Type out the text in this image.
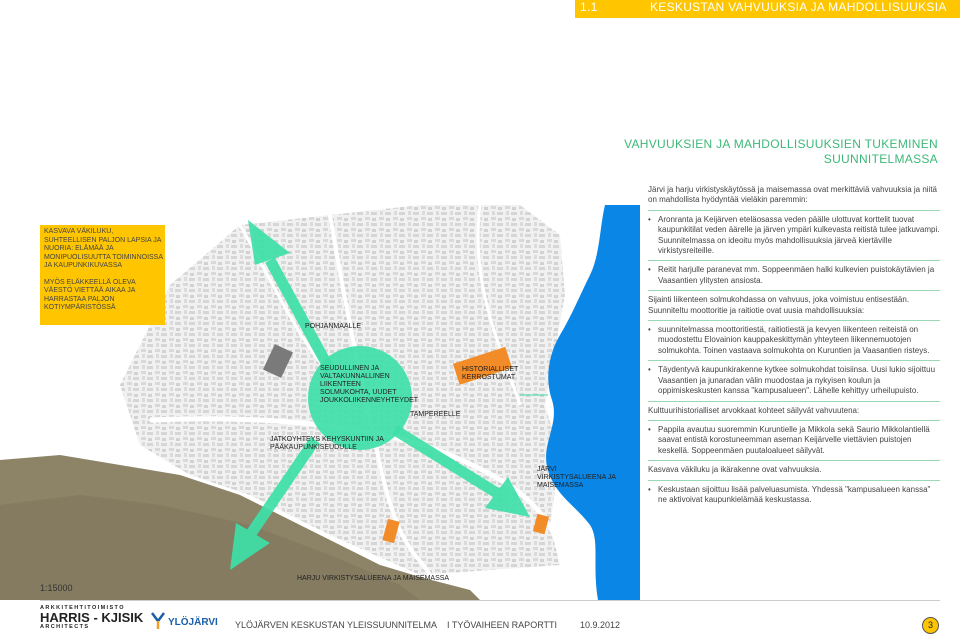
1.1	KESKUSTAN VAHVUUKSIA JA MAHDOLLISUUKSIA
VAHVUUKSIEN JA MAHDOLLISUUKSIEN TUKEMINEN
SUUNNITELMASSA
POHJANMAALLE
SEUDULLINEN JA VALTAKUNNALLINEN LIIKENTEEN SOLMUKOHTA, UUDET JOUKKOLIIKENNEYHTEYDET
HISTORIALLISET KERROSTUMAT
TAMPEREELLE
JATKOYHTEYS KEHYSKUNTIIN JA PÄÄKAUPUNKISEUDULLE
JÄRVI VIRKISTYSALUEENA JA MAISEMASSA
HARJU VIRKISTYSALUEENA JA MAISEMASSA

KASVAVA VÄKILUKU, SUHTEELLISEN PALJON LAPSIA JA NUORIA: ELÄMÄÄ JA MONIPUOLISUUTTA TOIMINNOISSA JA KAUPUNKIKUVASSA

MYÖS ELÄKKEELLÄ OLEVA VÄESTÖ VIETTÄÄ AIKAA JA HARRASTAA PALJON KOTIYMPÄRISTÖSSÄ

Järvi ja harju virkistyskäytössä ja maisemassa ovat merkittäviä vahvuuksia ja niitä on mahdollista hyödyntää vieläkin paremmin:

• Aronranta ja Keijärven eteläosassa veden päälle ulottuvat korttelit tuovat kaupunkitilat veden äärelle ja järven ympäri kulkevasta reitistä tulee jatkuvampi. Suunnitelmassa on ideoitu myös mahdollisuuksia järveä kiertäville virkistysreiteille.
• Reitit harjulle paranevat mm. Soppeenmäen halki kulkevien puistokäytävien ja Vaasantien ylitysten ansiosta.

Sijainti liikenteen solmukohdassa on vahvuus, joka voimistuu entisestään. Suunniteltu moottoritie ja raitiotie ovat uusia mahdollisuuksia:

• suunnitelmassa moottoritiestä, raitiotiestä ja kevyen liikenteen reiteistä on muodostettu Elovainion kauppakeskittymän yhteyteen liikennemuotojen solmukohta. Toinen vastaava solmukohta on Kuruntien ja Vaasantien risteys.
• Täydentyvä kaupunkirakenne kytkee solmukohdat toisiinsa. Uusi lukio sijoittuu Vaasantien ja junaradan välin muodostaa ja nykyisen koulun ja oppimiskeskusten kanssa "kampusalueen". Lähelle kehittyy urheilupuisto.

Kulttuurihistorialliset arvokkaat kohteet säilyvät vahvuutena:

• Pappila avautuu suoremmin Kuruntielle ja Mikkola sekä Saurio Mikkolantiellä saavat entistä korostuneemman aseman Keijärvelle viettävien puistojen keskellä. Soppeenmäen puutaloalueet säilyvät.

Kasvava väkiluku ja ikärakenne ovat vahvuuksia.

• Keskustaan sijoittuu lisää palveluasumista. Yhdessä "kampusalueen kanssa" ne aktivoivat kaupunkielämää keskustassa.
1:15000
ARKKITEHTITOIMISTO
HARRIS - KJISIK
ARCHITECTS	YLÖJÄRVI YLÖJÄRVEN KESKUSTAN YLEISSUUNNITELMA I TYÖVAIHEEN RAPORTTI	10.9.2012	3
